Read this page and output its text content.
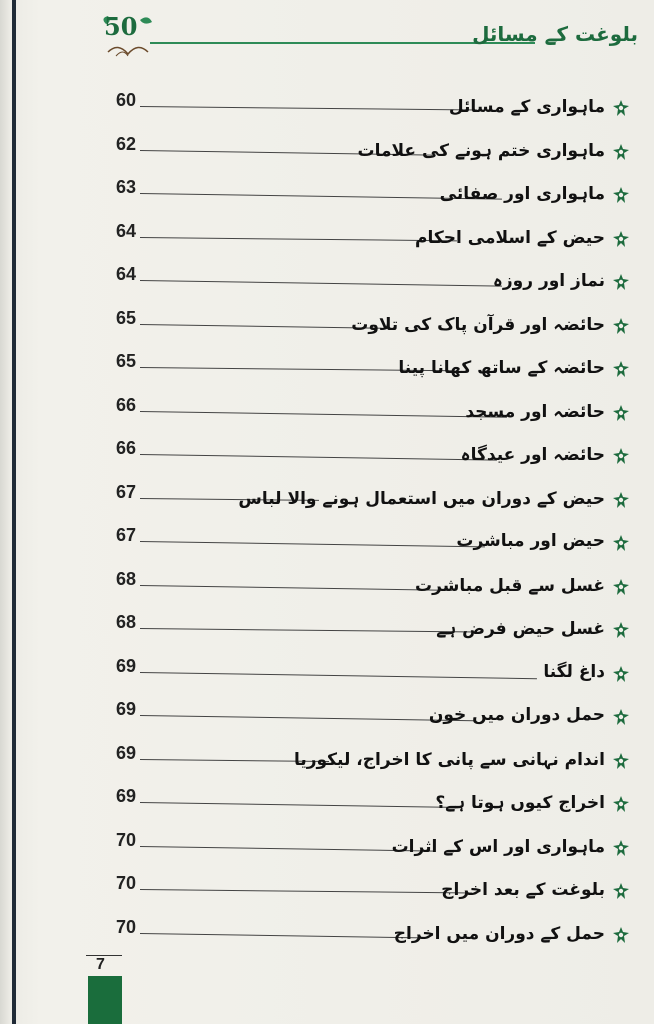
50	بلوغت کے مسائل
60	ماہواری کے مسائل
62	ماہواری ختم ہونے کی علامات
63	ماہواری اور صفائی
64	حیض کے اسلامی احکام
64	نماز اور روزہ
65	حائضہ اور قرآن پاک کی تلاوت
65	حائضہ کے ساتھ کھانا پینا
66	حائضہ اور مسجد
66	حائضہ اور عیدگاہ
67	حیض کے دوران میں استعمال ہونے والا لباس
67	حیض اور مباشرت
68	غسل سے قبل مباشرت
68	غسل حیض فرض ہے
69	داغ لگنا
69	حمل دوران میں خون
69	اندام نہانی سے پانی کا اخراج، لیکوریا
69	اخراج کیوں ہوتا ہے؟
70	ماہواری اور اس کے اثرات
70	بلوغت کے بعد اخراج
70	حمل کے دوران میں اخراج
7
